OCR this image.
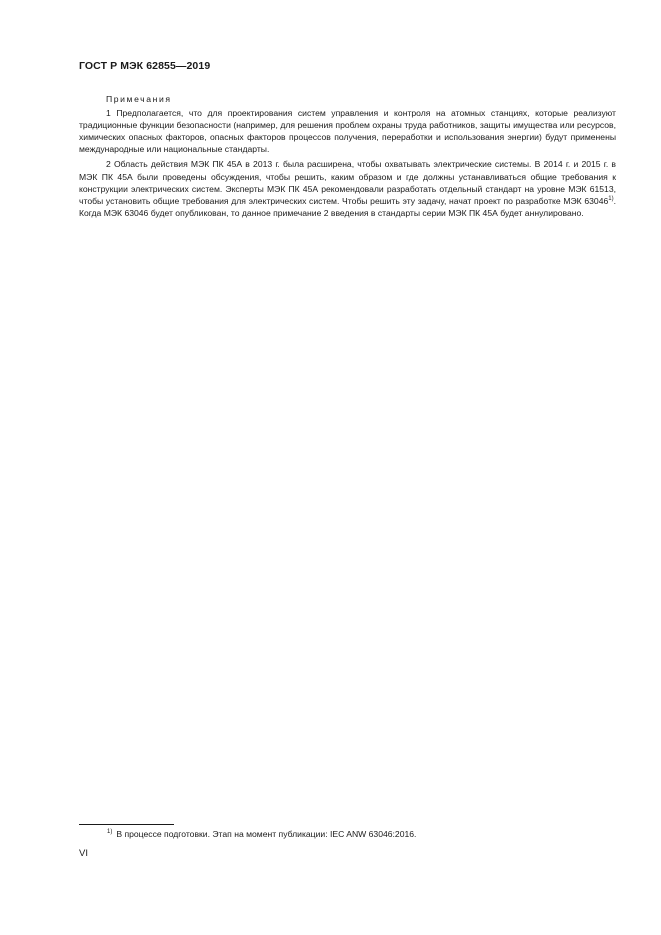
ГОСТ Р МЭК 62855—2019

Примечания

1 Предполагается, что для проектирования систем управления и контроля на атомных станциях, которые реализуют традиционные функции безопасности (например, для решения проблем охраны труда работников, защиты имущества или ресурсов, химических опасных факторов, опасных факторов процессов получения, переработки и использования энергии) будут применены международные или национальные стандарты.

2 Область действия МЭК ПК 45А в 2013 г. была расширена, чтобы охватывать электрические системы. В 2014 г. и 2015 г. в МЭК ПК 45А были проведены обсуждения, чтобы решить, каким образом и где должны устанавливаться общие требования к конструкции электрических систем. Эксперты МЭК ПК 45А рекомендовали разработать отдельный стандарт на уровне МЭК 61513, чтобы установить общие требования для электрических систем. Чтобы решить эту задачу, начат проект по разработке МЭК 63046$^{1)}$. Когда МЭК 63046 будет опубликован, то данное примечание 2 введения в стандарты серии МЭК ПК 45А будет аннулировано.

$^{1)}$ В процессе подготовки. Этап на момент публикации: IEC ANW 63046:2016.
VI
